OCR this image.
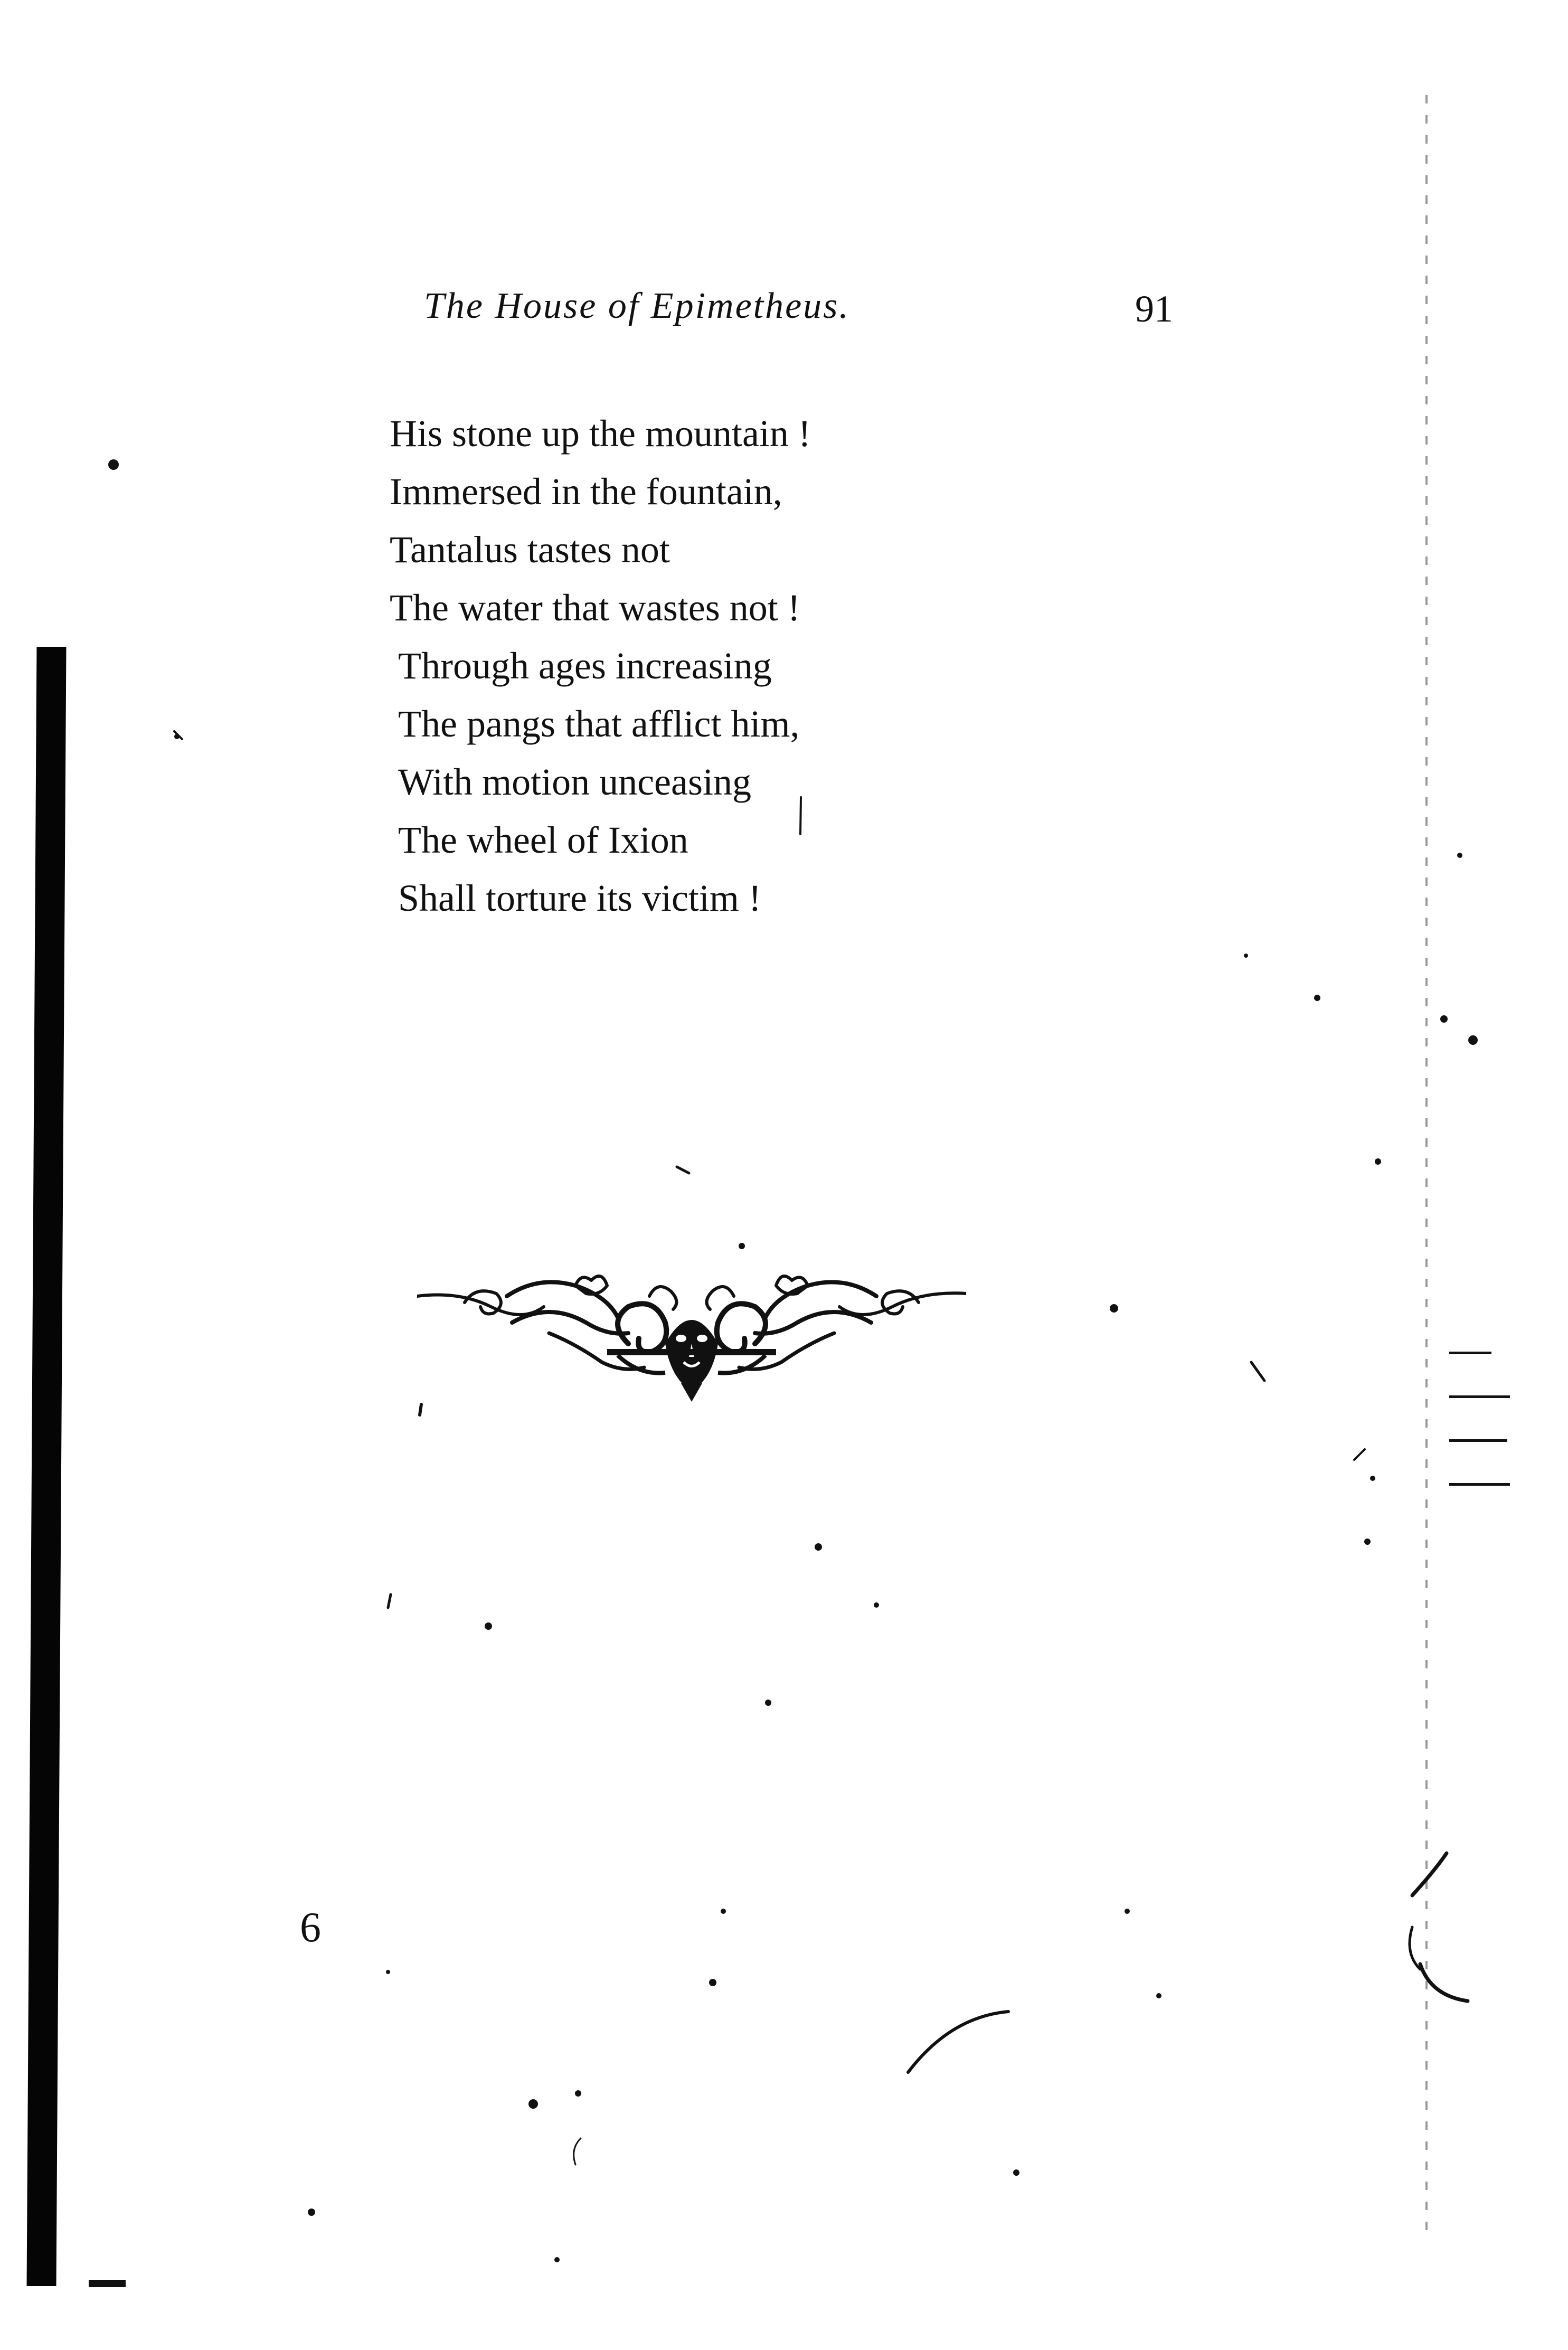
The House of Epimetheus.	91
His stone up the mountain !
Immersed in the fountain,
Tantalus tastes not
The water that wastes not !
Through ages increasing
The pangs that afflict him,
With motion unceasing
The wheel of Ixion
Shall torture its victim !
6
